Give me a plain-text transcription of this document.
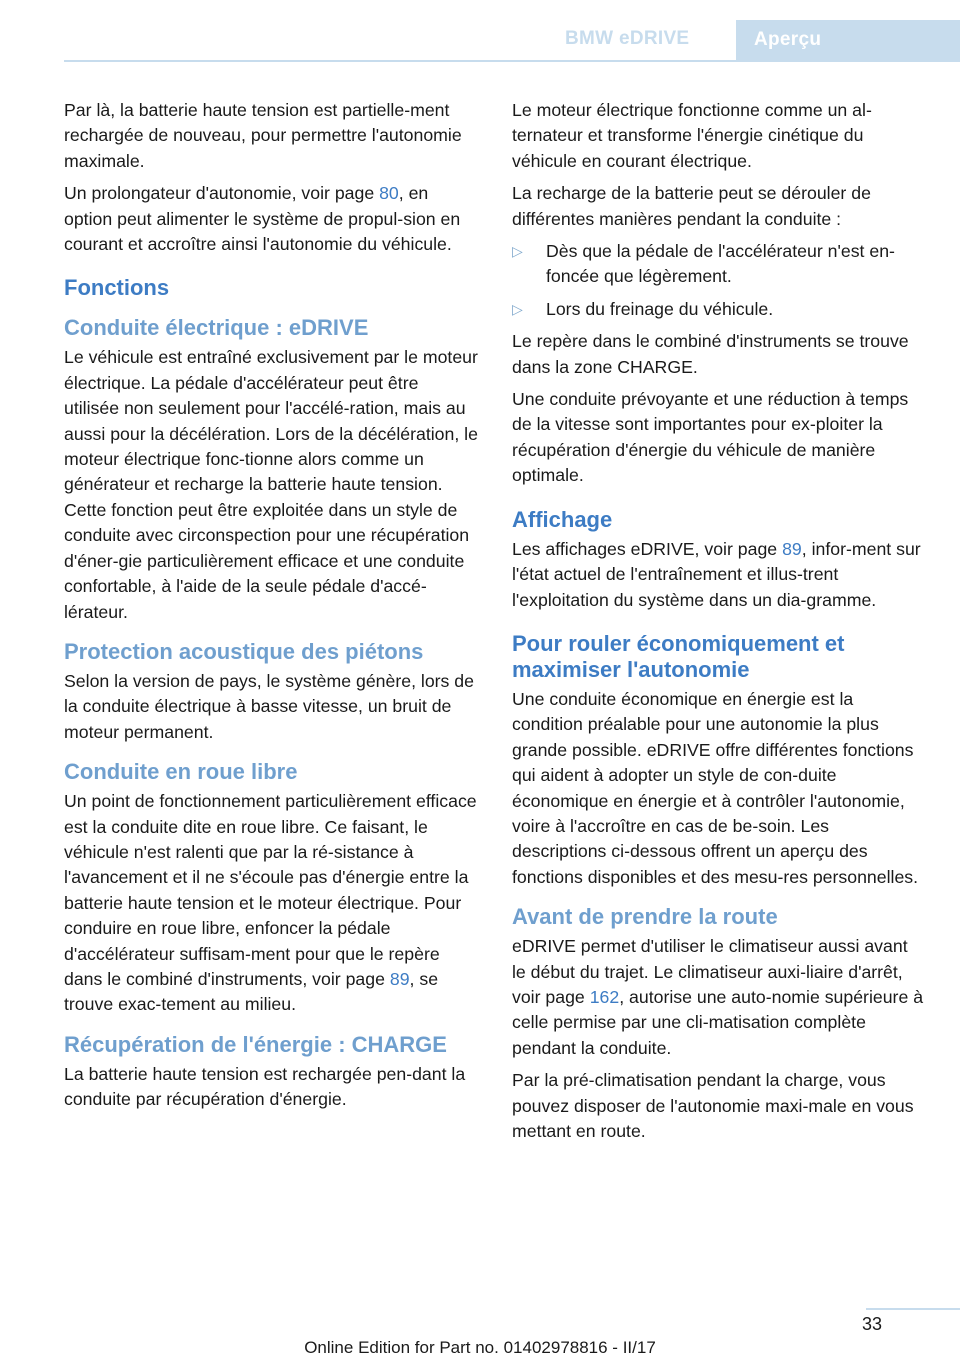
BMW eDRIVE	Aperçu

Par là, la batterie haute tension est partielle‐ment rechargée de nouveau, pour permettre l'autonomie maximale.

Un prolongateur d'autonomie, voir page 80, en option peut alimenter le système de propul‐sion en courant et accroître ainsi l'autonomie du véhicule.

Fonctions
Conduite électrique : eDRIVE

Le véhicule est entraîné exclusivement par le moteur électrique. La pédale d'accélérateur peut être utilisée non seulement pour l'accélé‐ration, mais au aussi pour la décélération. Lors de la décélération, le moteur électrique fonc‐tionne alors comme un générateur et recharge la batterie haute tension. Cette fonction peut être exploitée dans un style de conduite avec circonspection pour une récupération d'éner‐gie particulièrement efficace et une conduite confortable, à l'aide de la seule pédale d'accé‐lérateur.

Protection acoustique des piétons

Selon la version de pays, le système génère, lors de la conduite électrique à basse vitesse, un bruit de moteur permanent.

Conduite en roue libre

Un point de fonctionnement particulièrement efficace est la conduite dite en roue libre. Ce faisant, le véhicule n'est ralenti que par la ré‐sistance à l'avancement et il ne s'écoule pas d'énergie entre la batterie haute tension et le moteur électrique. Pour conduire en roue libre, enfoncer la pédale d'accélérateur suffisam‐ment pour que le repère dans le combiné d'instruments, voir page 89, se trouve exac‐tement au milieu.

Récupération de l'énergie : CHARGE

La batterie haute tension est rechargée pen‐dant la conduite par récupération d'énergie.

Le moteur électrique fonctionne comme un al‐ternateur et transforme l'énergie cinétique du véhicule en courant électrique.

La recharge de la batterie peut se dérouler de différentes manières pendant la conduite :

▷ Dès que la pédale de l'accélérateur n'est en‐foncée que légèrement.
▷ Lors du freinage du véhicule.

Le repère dans le combiné d'instruments se trouve dans la zone CHARGE.

Une conduite prévoyante et une réduction à temps de la vitesse sont importantes pour ex‐ploiter la récupération d'énergie du véhicule de manière optimale.

Affichage

Les affichages eDRIVE, voir page 89, infor‐ment sur l'état actuel de l'entraînement et illus‐trent l'exploitation du système dans un dia‐gramme.

Pour rouler économiquement et maximiser l'autonomie

Une conduite économique en énergie est la condition préalable pour une autonomie la plus grande possible. eDRIVE offre différentes fonctions qui aident à adopter un style de con‐duite économique en énergie et à contrôler l'autonomie, voire à l'accroître en cas de be‐soin. Les descriptions ci-dessous offrent un aperçu des fonctions disponibles et des mesu‐res personnelles.

Avant de prendre la route

eDRIVE permet d'utiliser le climatiseur aussi avant le début du trajet. Le climatiseur auxi‐liaire d'arrêt, voir page 162, autorise une auto‐nomie supérieure à celle permise par une cli‐matisation complète pendant la conduite.

Par la pré-climatisation pendant la charge, vous pouvez disposer de l'autonomie maxi‐male en vous mettant en route.

33
Online Edition for Part no. 01402978816 - II/17
